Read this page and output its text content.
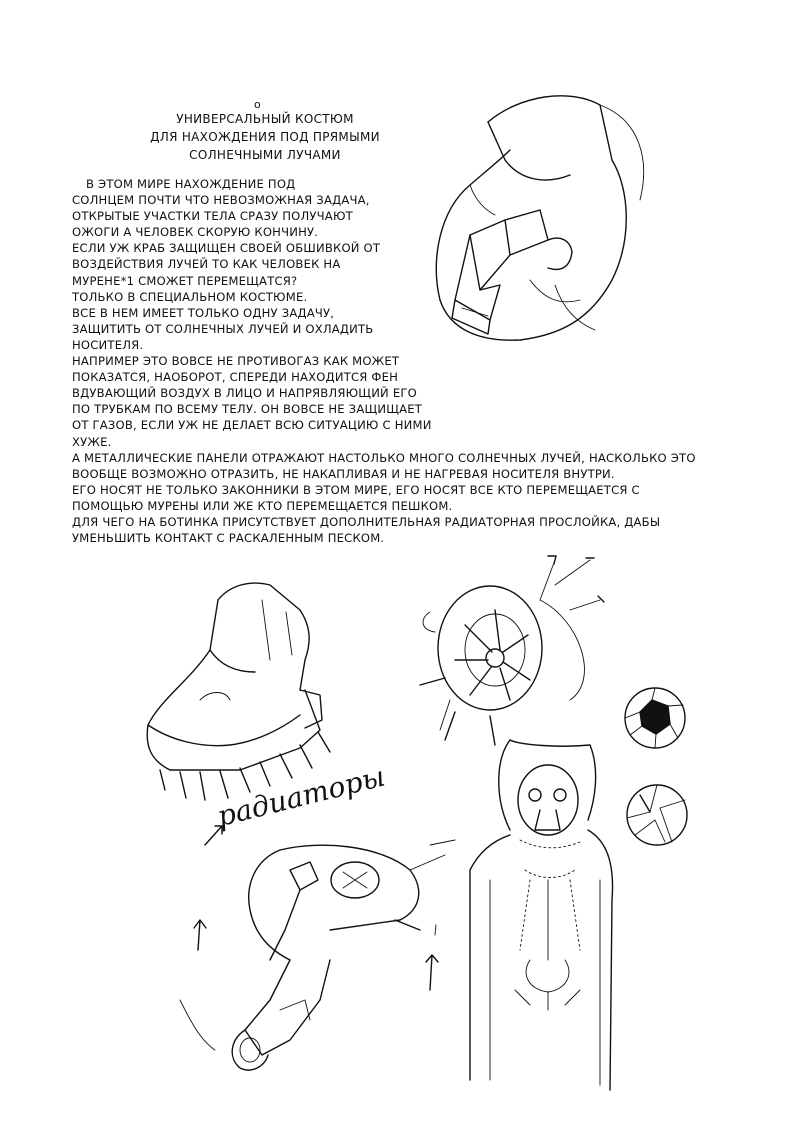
o
УНИВЕРСАЛЬНЫЙ КОСТЮМ
ДЛЯ НАХОЖДЕНИЯ ПОД ПРЯМЫМИ
СОЛНЕЧНЫМИ ЛУЧАМИ
В ЭТОМ МИРЕ НАХОЖДЕНИЕ ПОД
СОЛНЦЕМ ПОЧТИ ЧТО НЕВОЗМОЖНАЯ ЗАДАЧА,
ОТКРЫТЫЕ УЧАСТКИ ТЕЛА СРАЗУ ПОЛУЧАЮТ
ОЖОГИ А ЧЕЛОВЕК СКОРУЮ КОНЧИНУ.
ЕСЛИ УЖ КРАБ ЗАЩИЩЕН СВОЕЙ ОБШИВКОЙ ОТ
ВОЗДЕЙСТВИЯ ЛУЧЕЙ ТО КАК ЧЕЛОВЕК НА
МУРЕНЕ*1 СМОЖЕТ ПЕРЕМЕЩАТСЯ?
ТОЛЬКО В СПЕЦИАЛЬНОМ КОСТЮМЕ.
ВСЕ В НЕМ ИМЕЕТ ТОЛЬКО ОДНУ ЗАДАЧУ,
ЗАЩИТИТЬ ОТ СОЛНЕЧНЫХ ЛУЧЕЙ И ОХЛАДИТЬ
НОСИТЕЛЯ.
НАПРИМЕР ЭТО ВОВСЕ НЕ ПРОТИВОГАЗ КАК МОЖЕТ
ПОКАЗАТСЯ, НАОБОРОТ, СПЕРЕДИ НАХОДИТСЯ ФЕН
ВДУВАЮЩИЙ ВОЗДУХ В ЛИЦО И НАПРЯВЛЯЮЩИЙ ЕГО
ПО ТРУБКАМ ПО ВСЕМУ ТЕЛУ. ОН ВОВСЕ НЕ ЗАЩИЩАЕТ
ОТ ГАЗОВ, ЕСЛИ УЖ НЕ ДЕЛАЕТ ВСЮ СИТУАЦИЮ С НИМИ
ХУЖЕ.
А МЕТАЛЛИЧЕСКИЕ ПАНЕЛИ ОТРАЖАЮТ НАСТОЛЬКО МНОГО СОЛНЕЧНЫХ ЛУЧЕЙ, НАСКОЛЬКО ЭТО
ВООБЩЕ ВОЗМОЖНО ОТРАЗИТЬ, НЕ НАКАПЛИВАЯ И НЕ НАГРЕВАЯ НОСИТЕЛЯ ВНУТРИ.
ЕГО НОСЯТ НЕ ТОЛЬКО ЗАКОННИКИ В ЭТОМ МИРЕ, ЕГО НОСЯТ ВСЕ КТО ПЕРЕМЕЩАЕТСЯ С
ПОМОЩЬЮ МУРЕНЫ ИЛИ ЖЕ КТО ПЕРЕМЕЩАЕТСЯ ПЕШКОМ.
ДЛЯ ЧЕГО НА БОТИНКА ПРИСУТСТВУЕТ ДОПОЛНИТЕЛЬНАЯ РАДИАТОРНАЯ ПРОСЛОЙКА, ДАБЫ
УМЕНЬШИТЬ КОНТАКТ С РАСКАЛЕННЫМ ПЕСКОМ.
радиаторы
